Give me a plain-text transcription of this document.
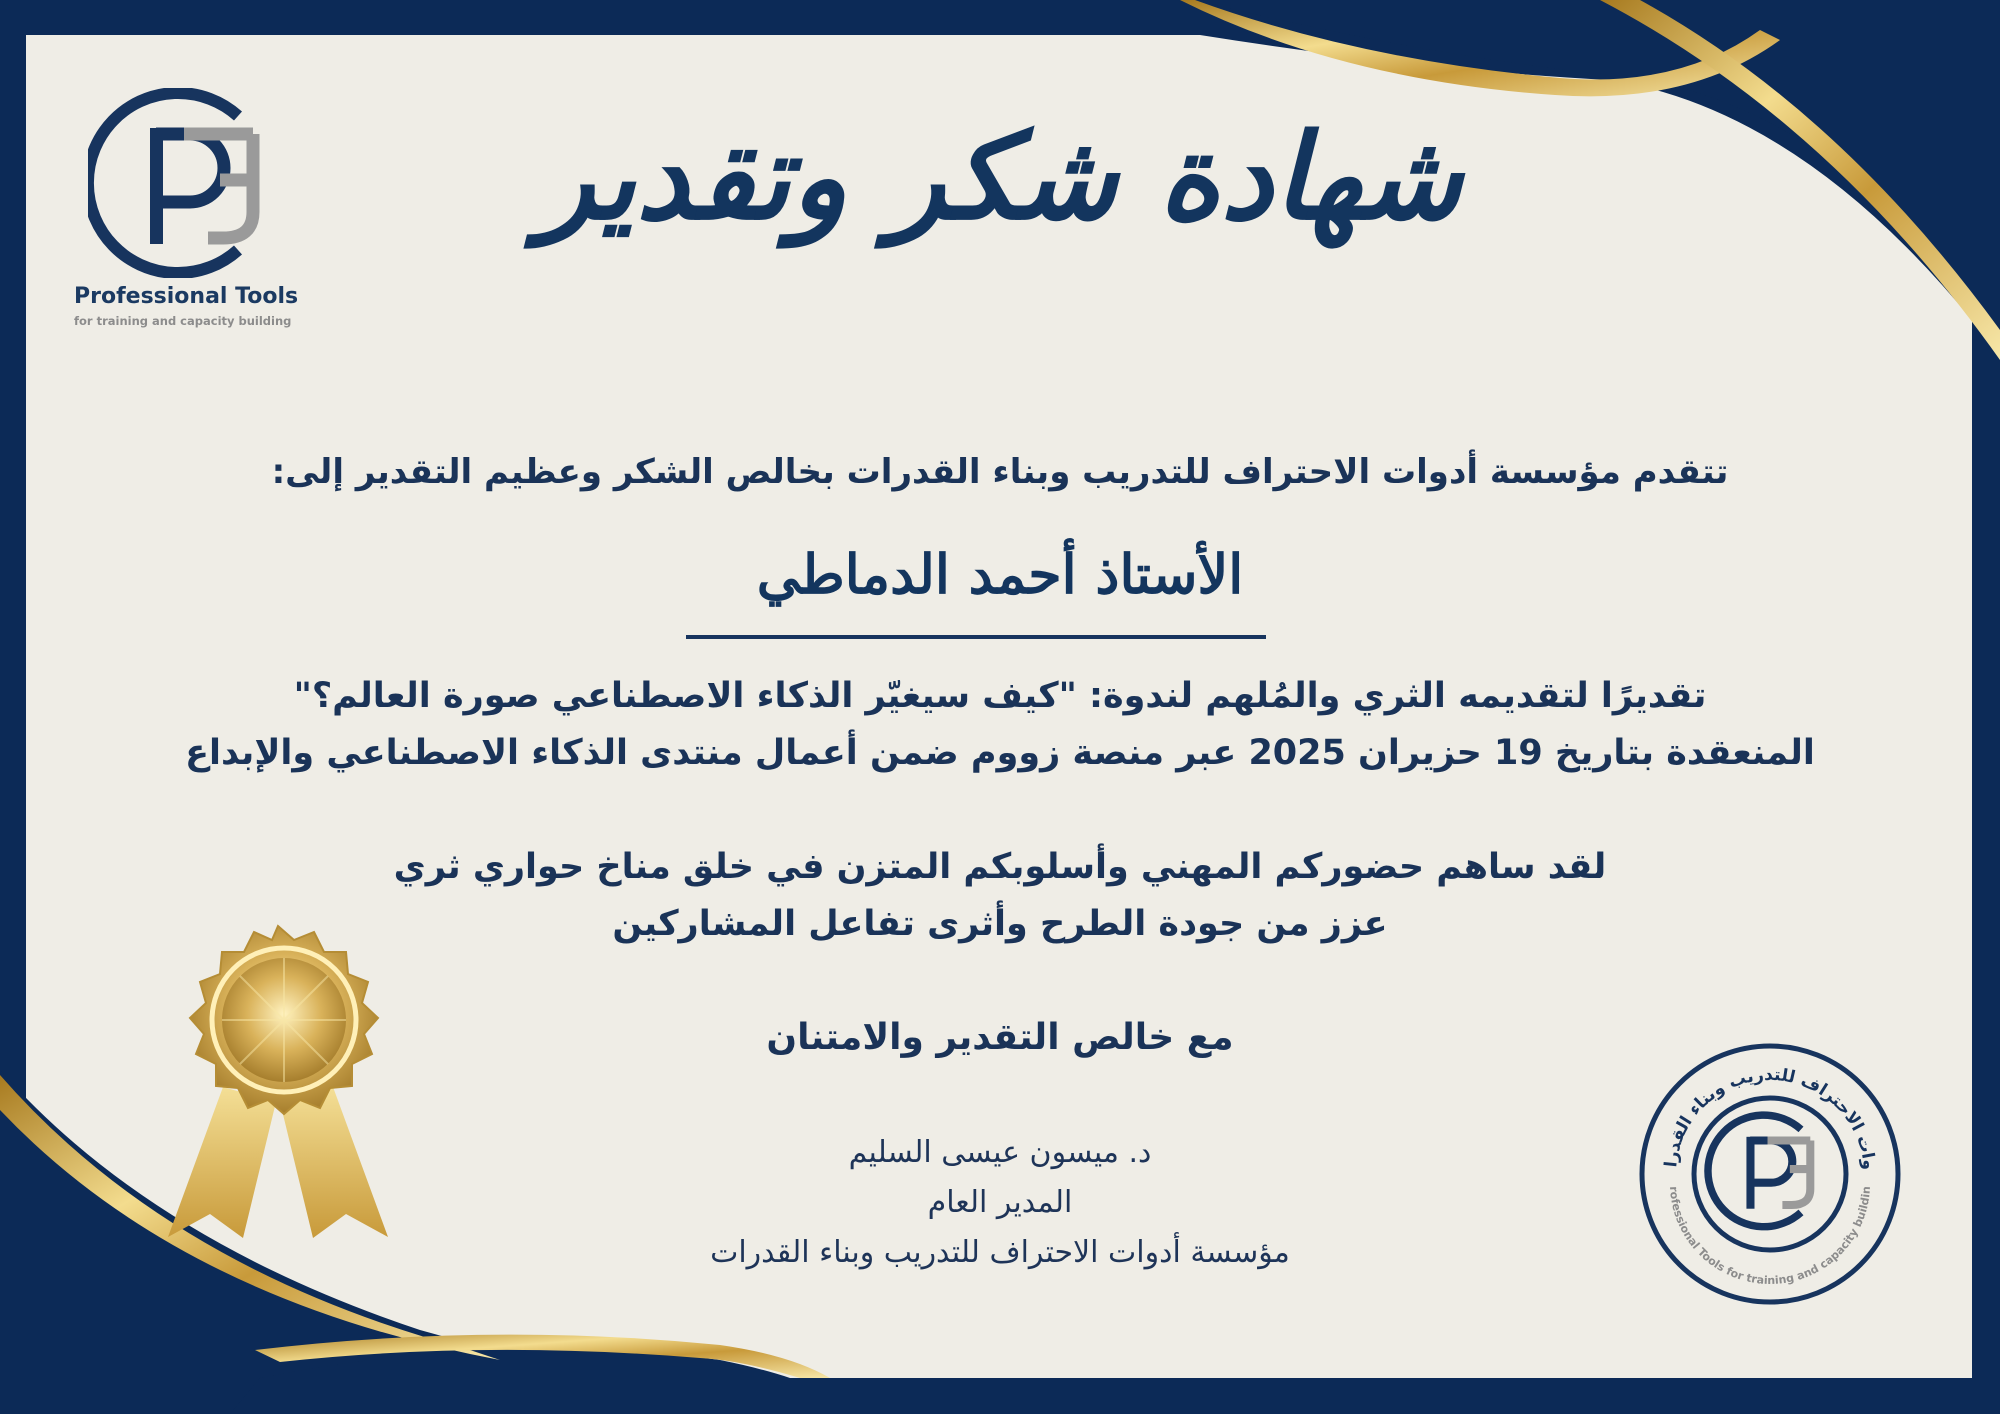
Professional Tools
for training and capacity building
شهادة شكر وتقدير
تتقدم مؤسسة أدوات الاحتراف للتدريب وبناء القدرات بخالص الشكر وعظيم التقدير إلى:
الأستاذ أحمد الدماطي
تقديرًا لتقديمه الثري والمُلهم لندوة: "كيف سيغيّر الذكاء الاصطناعي صورة العالم؟"
المنعقدة بتاريخ 19 حزيران 2025 عبر منصة زووم ضمن أعمال منتدى الذكاء الاصطناعي والإبداع
لقد ساهم حضوركم المهني وأسلوبكم المتزن في خلق مناخ حواري ثري
عزز من جودة الطرح وأثرى تفاعل المشاركين
مع خالص التقدير والامتنان
د. ميسون عيسى السليم
المدير العام
مؤسسة أدوات الاحتراف للتدريب وبناء القدرات
وات الاحتراف للتدريب وبناء القدرا
rofessional Tools for training and capacity buildin
